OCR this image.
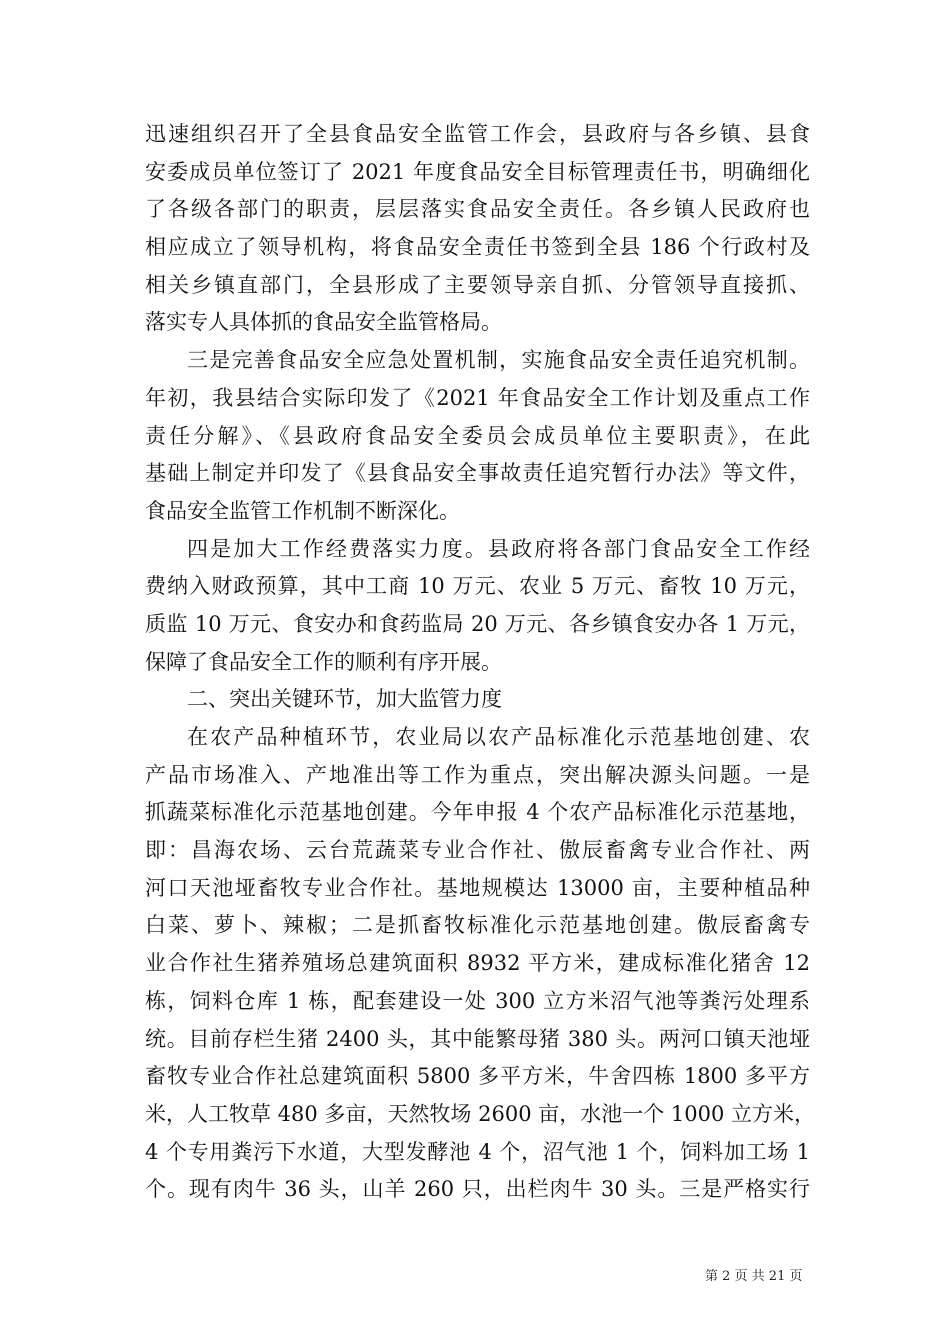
迅速组织召开了全县食品安全监管工作会，县政府与各乡镇、县食
安委成员单位签订了 2021 年度食品安全目标管理责任书，明确细化
了各级各部门的职责，层层落实食品安全责任。各乡镇人民政府也
相应成立了领导机构，将食品安全责任书签到全县 186 个行政村及
相关乡镇直部门，全县形成了主要领导亲自抓、分管领导直接抓、
落实专人具体抓的食品安全监管格局。
三是完善食品安全应急处置机制，实施食品安全责任追究机制。
年初，我县结合实际印发了《2021 年食品安全工作计划及重点工作
责任分解》、《县政府食品安全委员会成员单位主要职责》，在此
基础上制定并印发了《县食品安全事故责任追究暂行办法》等文件，
食品安全监管工作机制不断深化。
四是加大工作经费落实力度。县政府将各部门食品安全工作经
费纳入财政预算，其中工商 10 万元、农业 5 万元、畜牧 10 万元，
质监 10 万元、食安办和食药监局 20 万元、各乡镇食安办各 1 万元，
保障了食品安全工作的顺利有序开展。
二、突出关键环节，加大监管力度
在农产品种植环节，农业局以农产品标准化示范基地创建、农
产品市场准入、产地准出等工作为重点，突出解决源头问题。一是
抓蔬菜标准化示范基地创建。今年申报 4 个农产品标准化示范基地，
即：昌海农场、云台荒蔬菜专业合作社、傲辰畜禽专业合作社、两
河口天池垭畜牧专业合作社。基地规模达 13000 亩，主要种植品种
白菜、萝卜、辣椒；二是抓畜牧标准化示范基地创建。傲辰畜禽专
业合作社生猪养殖场总建筑面积 8932 平方米，建成标准化猪舍 12
栋，饲料仓库 1 栋，配套建设一处 300 立方米沼气池等粪污处理系
统。目前存栏生猪 2400 头，其中能繁母猪 380 头。两河口镇天池垭
畜牧专业合作社总建筑面积 5800 多平方米，牛舍四栋 1800 多平方
米，人工牧草 480 多亩，天然牧场 2600 亩，水池一个 1000 立方米，
4 个专用粪污下水道，大型发酵池 4 个，沼气池 1 个，饲料加工场 1
个。现有肉牛 36 头，山羊 260 只，出栏肉牛 30 头。三是严格实行
第 2 页 共 21 页
